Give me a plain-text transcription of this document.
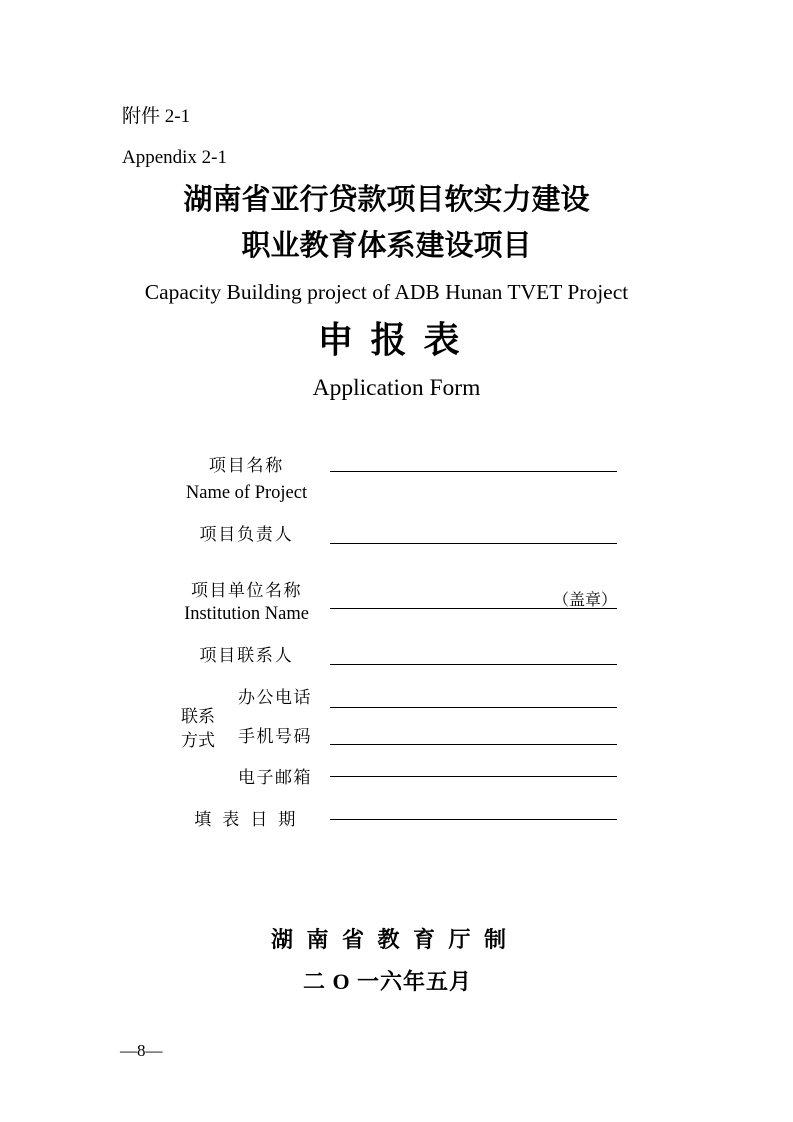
附件 2-1
Appendix 2-1
湖南省亚行贷款项目软实力建设
职业教育体系建设项目
Capacity Building project of ADB Hunan TVET Project
申 报 表
Application Form
项目名称
Name of Project
项目负责人
项目单位名称
Institution Name
（盖章）
项目联系人
联系
方式
办公电话
手机号码
电子邮箱
填 表 日 期
湖 南 省 教 育 厅 制
二 O 一六年五月
—8—
